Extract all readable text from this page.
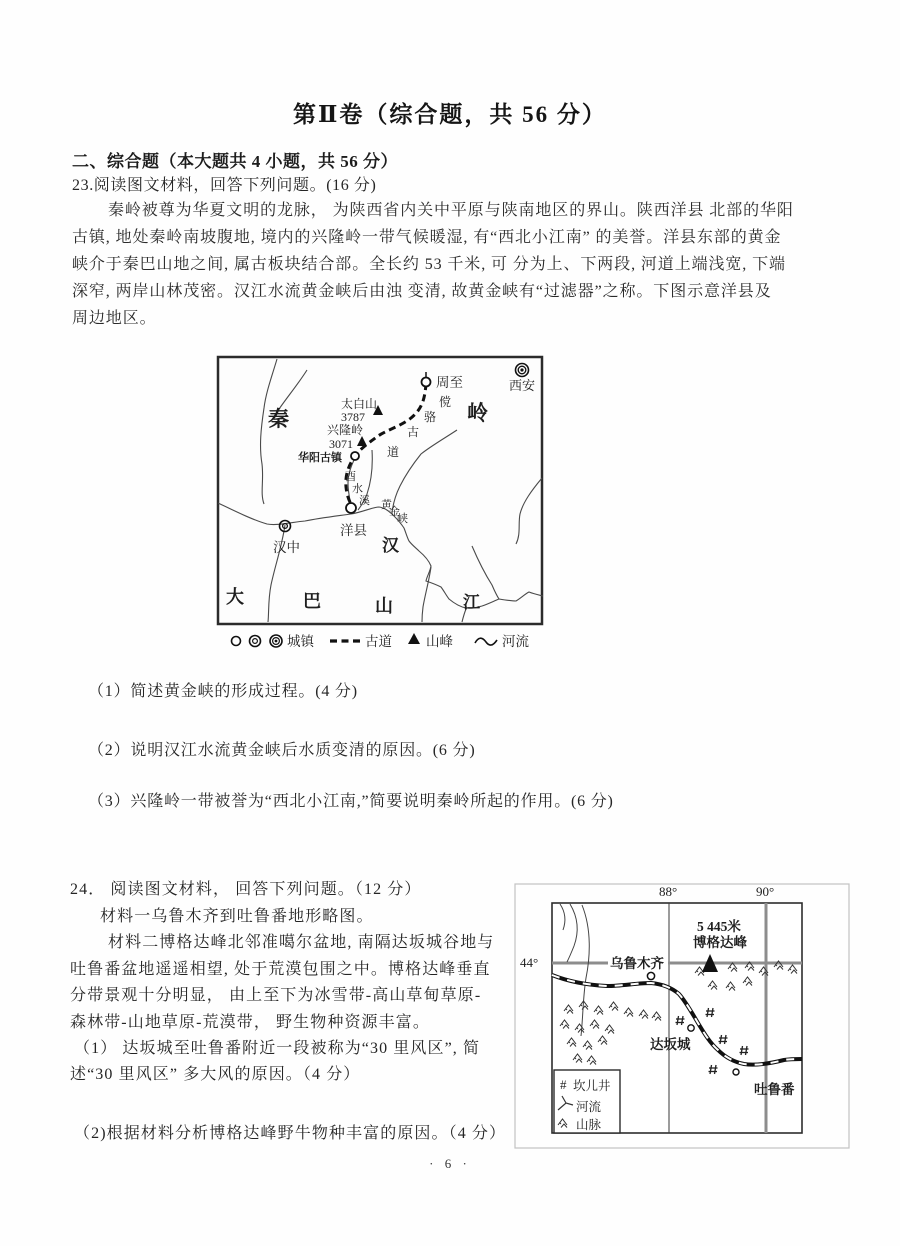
第Ⅱ卷（综合题，共 56 分）
二、综合题（本大题共 4 小题，共 56 分）
23.阅读图文材料，回答下列问题。(16 分)
秦岭被尊为华夏文明的龙脉， 为陕西省内关中平原与陕南地区的界山。陕西洋县 北部的华阳
古镇, 地处秦岭南坡腹地, 境内的兴隆岭一带气候暖湿, 有“西北小江南” 的美誉。洋县东部的黄金
峡介于秦巴山地之间, 属古板块结合部。全长约 53 千米, 可 分为上、下两段, 河道上端浅宽, 下端
深窄, 两岸山林茂密。汉江水流黄金峡后由浊 变清, 故黄金峡有“过滤器”之称。下图示意洋县及
周边地区。
秦	岭
周至	西安
太白山
3787
兴隆岭
3071
华阳古镇
傥
骆
古
道
酉
水
溪 黄
金
峡
洋县
汉中	汉
江
大	巴	山
城镇	古道	山峰	河流
（1）简述黄金峡的形成过程。(4 分)
（2）说明汉江水流黄金峡后水质变清的原因。(6 分)
（3）兴隆岭一带被誉为“西北小江南,”简要说明秦岭所起的作用。(6 分)
24． 阅读图文材料， 回答下列问题。（12 分）
材料一乌鲁木齐到吐鲁番地形略图。
材料二博格达峰北邻准噶尔盆地, 南隔达坂城谷地与
吐鲁番盆地遥遥相望, 处于荒漠包围之中。博格达峰垂直
分带景观十分明显， 由上至下为冰雪带-高山草甸草原-
森林带-山地草原-荒漠带， 野生物种资源丰富。
（1） 达坂城至吐鲁番附近一段被称为“30 里风区”, 简
述“30 里风区” 多大风的原因。（4 分）
（2)根据材料分析博格达峰野牛物种丰富的原因。（4 分）
88°	90°
44°
5 445米
博格达峰
乌鲁木齐
达坂城
吐鲁番
# 坎儿井
河流
山脉
· 6 ·
